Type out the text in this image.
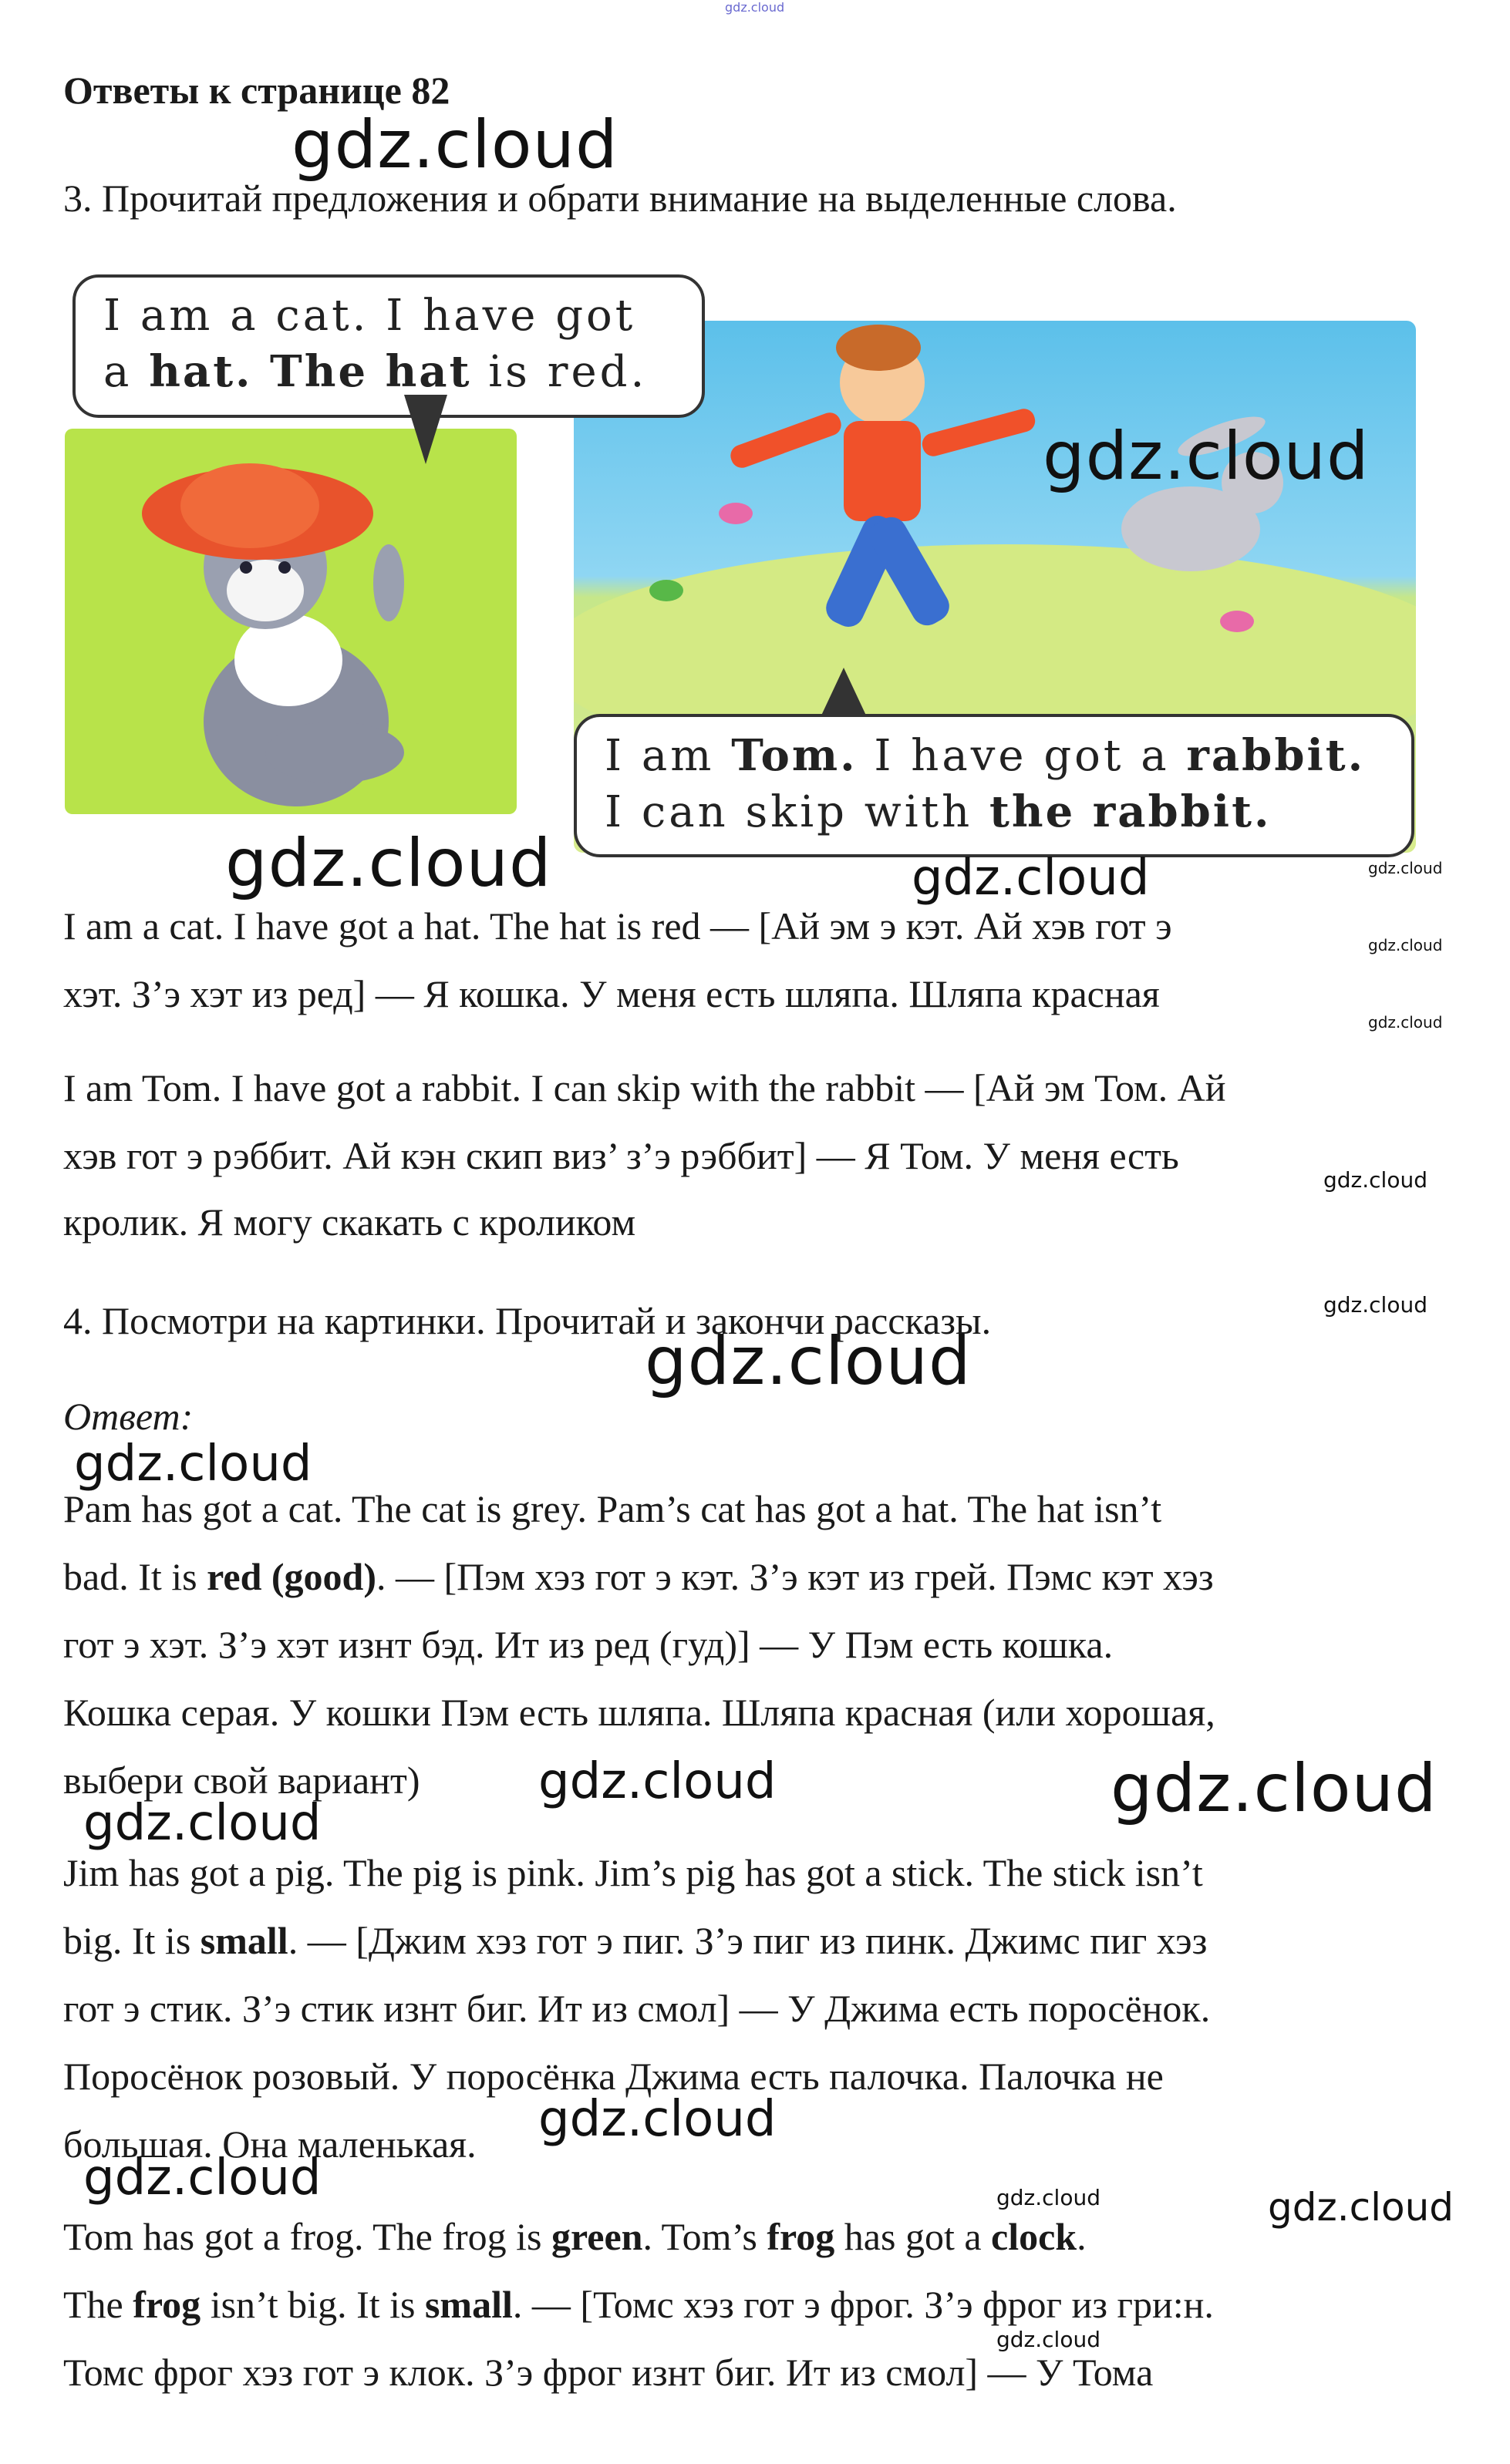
gdz.cloud
Ответы к странице 82
gdz.cloud
3. Прочитай предложения и обрати внимание на выделенные слова.
I am a cat. I have got
a hat. The hat is red.
I am Tom. I have got a rabbit.
I can skip with the rabbit.
gdz.cloud
gdz.cloud	gdz.cloud	gdz.cloud
I am a cat. I have got a hat. The hat is red — [Ай эм э кэт. Ай хэв гот э	gdz.cloud
хэт. З’э хэт из ред] — Я кошка. У меня есть шляпа. Шляпа красная
gdz.cloud
I am Tom. I have got a rabbit. I can skip with the rabbit — [Ай эм Том. Ай
хэв гот э рэббит. Ай кэн скип виз’ з’э рэббит] — Я Том. У меня есть
gdz.cloud
кролик. Я могу скакать с кроликом
4. Посмотри на картинки. Прочитай и закончи рассказы.	gdz.cloud
gdz.cloud
Ответ:
gdz.cloud
Pam has got a cat. The cat is grey. Pam’s cat has got a hat. The hat isn’t
bad. It is red (good). — [Пэм хэз гот э кэт. З’э кэт из грей. Пэмс кэт хэз
гот э хэт. З’э хэт изнт бэд. Ит из ред (гуд)] — У Пэм есть кошка.
Кошка серая. У кошки Пэм есть шляпа. Шляпа красная (или хорошая,
выбери свой вариант) gdz.cloud	gdz.cloud
gdz.cloud
Jim has got a pig. The pig is pink. Jim’s pig has got a stick. The stick isn’t
big. It is small. — [Джим хэз гот э пиг. З’э пиг из пинк. Джимс пиг хэз
гот э стик. З’э стик изнт биг. Ит из смол] — У Джима есть поросёнок.
Поросёнок розовый. У поросёнка Джима есть палочка. Палочка не
большая. Она маленькая. gdz.cloud
gdz.cloud	gdz.cloud	gdz.cloud
Tom has got a frog. The frog is green. Tom’s frog has got a clock.
The frog isn’t big. It is small. — [Томс хэз гот э фрог. З’э фрог из гри:н.
gdz.cloud
Томс фрог хэз гот э клок. З’э фрог изнт биг. Ит из смол] — У Тома
